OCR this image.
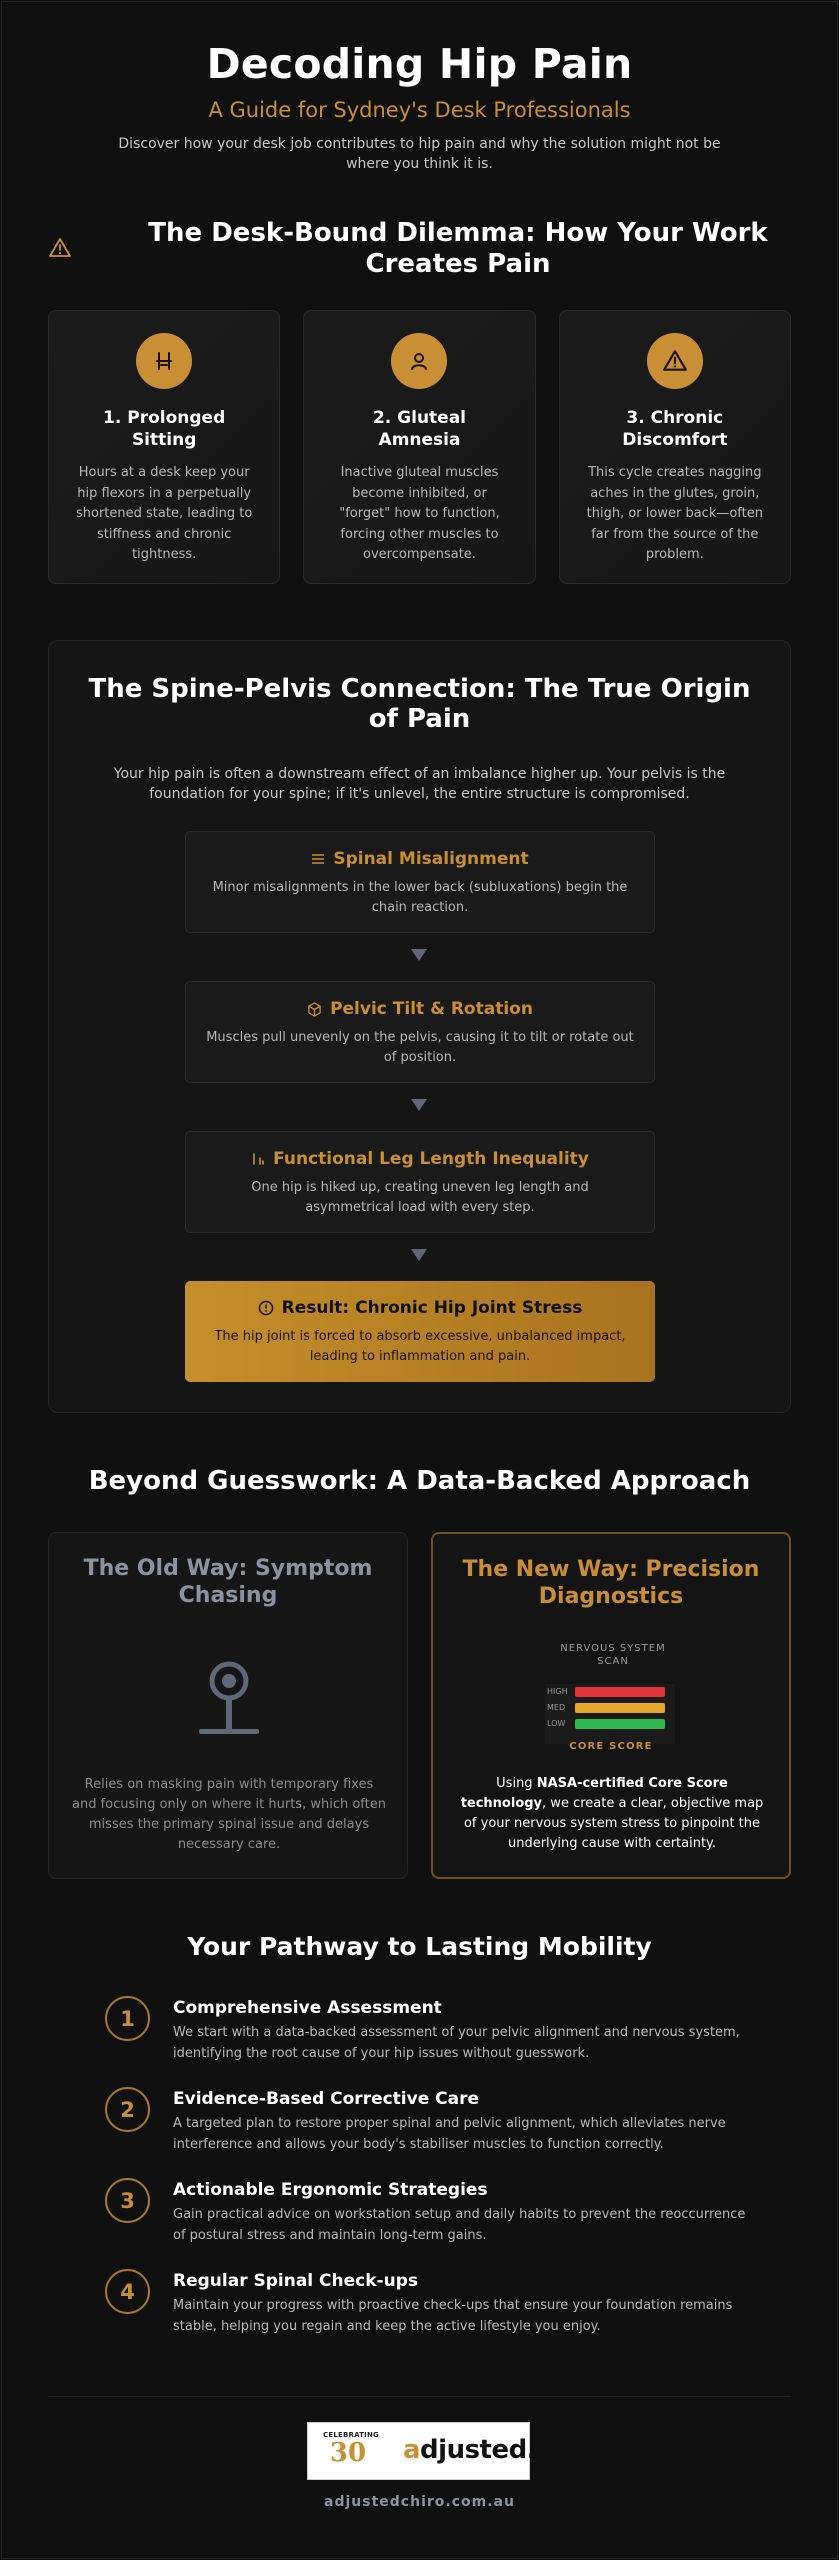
Decoding Hip Pain
A Guide for Sydney's Desk Professionals

Discover how your desk job contributes to hip pain and why the solution might not be where you think it is.

The Desk-Bound Dilemma: How Your Work Creates Pain
1. Prolonged Sitting

Hours at a desk keep your hip flexors in a perpetually shortened state, leading to stiffness and chronic tightness.

2. Gluteal Amnesia

Inactive gluteal muscles become inhibited, or "forget" how to function, forcing other muscles to overcompensate.

3. Chronic Discomfort

This cycle creates nagging aches in the glutes, groin, thigh, or lower back—often far from the source of the problem.

The Spine-Pelvis Connection: The True Origin of Pain

Your hip pain is often a downstream effect of an imbalance higher up. Your pelvis is the foundation for your spine; if it's unlevel, the entire structure is compromised.

Spinal Misalignment
Minor misalignments in the lower back (subluxations) begin the chain reaction.
Pelvic Tilt & Rotation
Muscles pull unevenly on the pelvis, causing it to tilt or rotate out of position.
Functional Leg Length Inequality
One hip is hiked up, creating uneven leg length and asymmetrical load with every step.
Result: Chronic Hip Joint Stress
The hip joint is forced to absorb excessive, unbalanced impact, leading to inflammation and pain.
Beyond Guesswork: A Data-Backed Approach
The Old Way: Symptom Chasing

Relies on masking pain with temporary fixes and focusing only on where it hurts, which often misses the primary spinal issue and delays necessary care.

The New Way: Precision Diagnostics
NERVOUS SYSTEM SCAN
HIGH
MED
LOW
CORE SCORE

Using NASA-certified Core Score technology, we create a clear, objective map of your nervous system stress to pinpoint the underlying cause with certainty.

Your Pathway to Lasting Mobility
1	Comprehensive Assessment
We start with a data-backed assessment of your pelvic alignment and nervous system, identifying the root cause of your hip issues without guesswork.
2	Evidence-Based Corrective Care
A targeted plan to restore proper spinal and pelvic alignment, which alleviates nerve interference and allows your body's stabiliser muscles to function correctly.
3	Actionable Ergonomic Strategies
Gain practical advice on workstation setup and daily habits to prevent the reoccurrence of postural stress and maintain long-term gains.
4	Regular Spinal Check-ups
Maintain your progress with proactive check-ups that ensure your foundation remains stable, helping you regain and keep the active lifestyle you enjoy.
CELEBRATING
30 adjusted.
adjustedchiro.com.au
